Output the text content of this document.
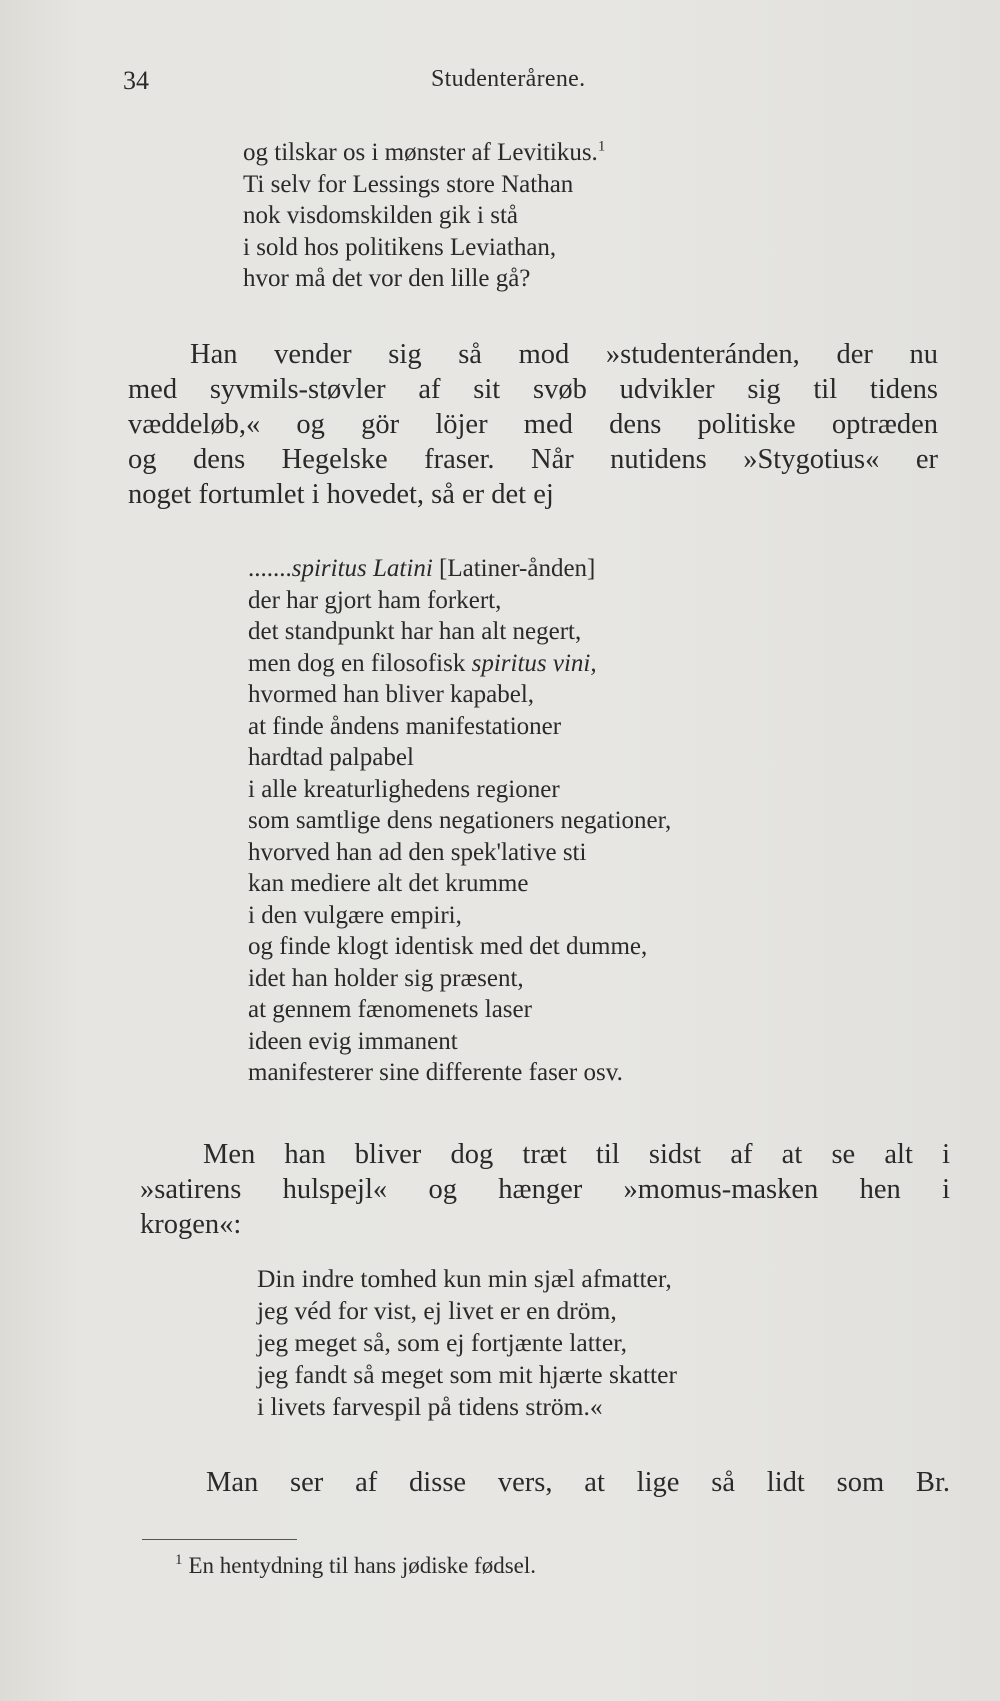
34	Studenterårene.
og tilskar os i mønster af Levitikus.$^1$
Ti selv for Lessings store Nathan
nok visdomskilden gik i stå
i sold hos politikens Leviathan,
hvor må det vor den lille gå?
Han vender sig så mod »studenteránden, der nu
med syvmils-støvler af sit svøb udvikler sig til tidens
væddeløb,« og gör löjer med dens politiske optræden
og dens Hegelske fraser. Når nutidens »Stygotius« er
noget fortumlet i hovedet, så er det ej
.......spiritus Latini [Latiner-ånden]
der har gjort ham forkert,
det standpunkt har han alt negert,
men dog en filosofisk spiritus vini,
hvormed han bliver kapabel,
at finde åndens manifestationer
hardtad palpabel
i alle kreaturlighedens regioner
som samtlige dens negationers negationer,
hvorved han ad den spek'lative sti
kan mediere alt det krumme
i den vulgære empiri,
og finde klogt identisk med det dumme,
idet han holder sig præsent,
at gennem fænomenets laser
ideen evig immanent
manifesterer sine differente faser osv.
Men han bliver dog træt til sidst af at se alt i
»satirens hulspejl« og hænger »momus-masken hen i
krogen«:
Din indre tomhed kun min sjæl afmatter,
jeg véd for vist, ej livet er en dröm,
jeg meget så, som ej fortjænte latter,
jeg fandt så meget som mit hjærte skatter
i livets farvespil på tidens ström.«
Man ser af disse vers, at lige så lidt som Br.
$^1$ En hentydning til hans jødiske fødsel.
